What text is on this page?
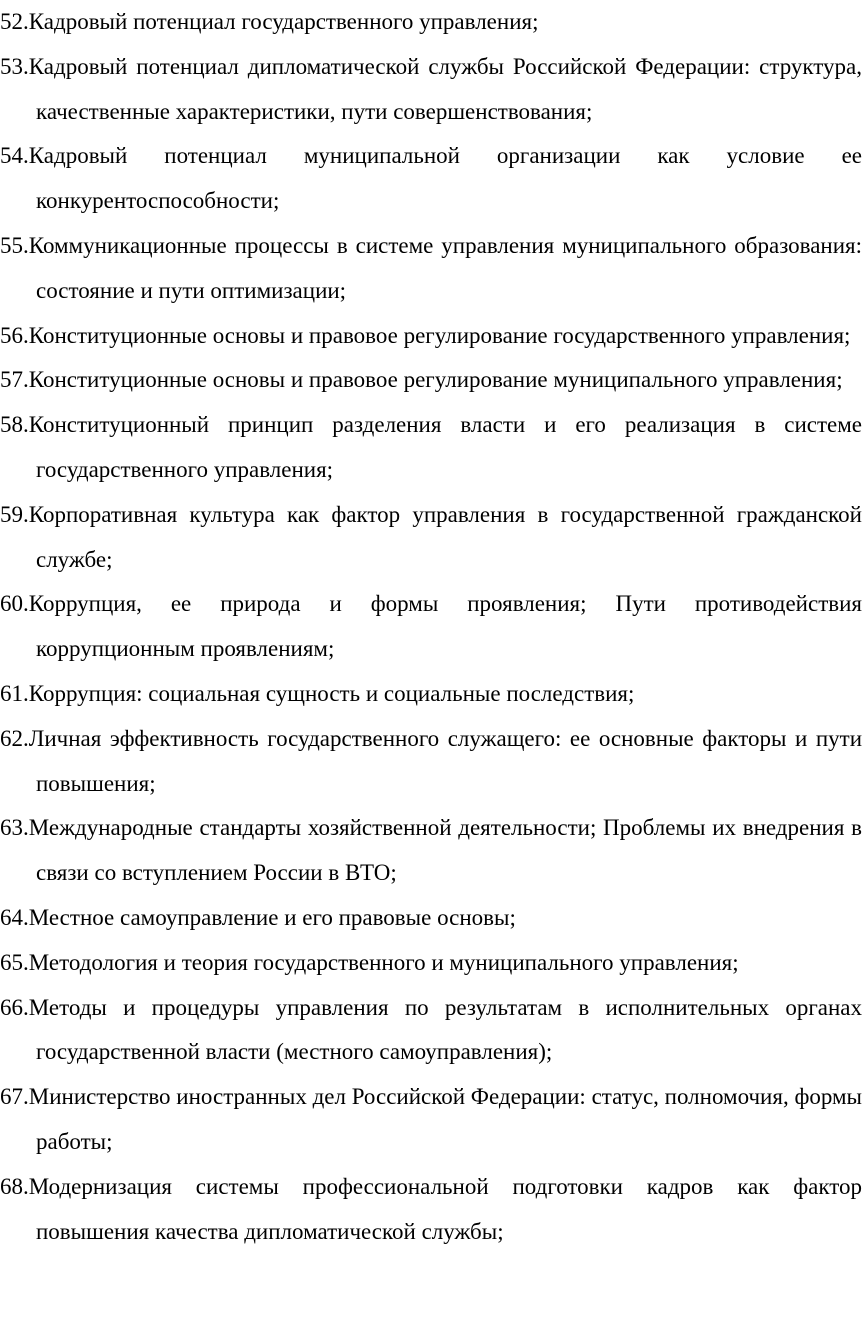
52.Кадровый потенциал государственного управления;
53.Кадровый потенциал дипломатической службы Российской Федерации: структура, качественные характеристики, пути совершенствования;
54.Кадровый потенциал муниципальной организации как условие ее конкурентоспособности;
55.Коммуникационные процессы в системе управления муниципального образования: состояние и пути оптимизации;
56.Конституционные основы и правовое регулирование государственного управления;
57.Конституционные основы и правовое регулирование муниципального управления;
58.Конституционный принцип разделения власти и его реализация в системе государственного управления;
59.Корпоративная культура как фактор управления в государственной гражданской службе;
60.Коррупция, ее природа и формы проявления; Пути противодействия коррупционным проявлениям;
61.Коррупция: социальная сущность и социальные последствия;
62.Личная эффективность государственного служащего: ее основные факторы и пути повышения;
63.Международные стандарты хозяйственной деятельности; Проблемы их внедрения в связи со вступлением России в ВТО;
64.Местное самоуправление и его правовые основы;
65.Методология и теория государственного и муниципального управления;
66.Методы и процедуры управления по результатам в исполнительных органах государственной власти (местного самоуправления);
67.Министерство иностранных дел Российской Федерации: статус, полномочия, формы работы;
68.Модернизация системы профессиональной подготовки кадров как фактор повышения качества дипломатической службы;
